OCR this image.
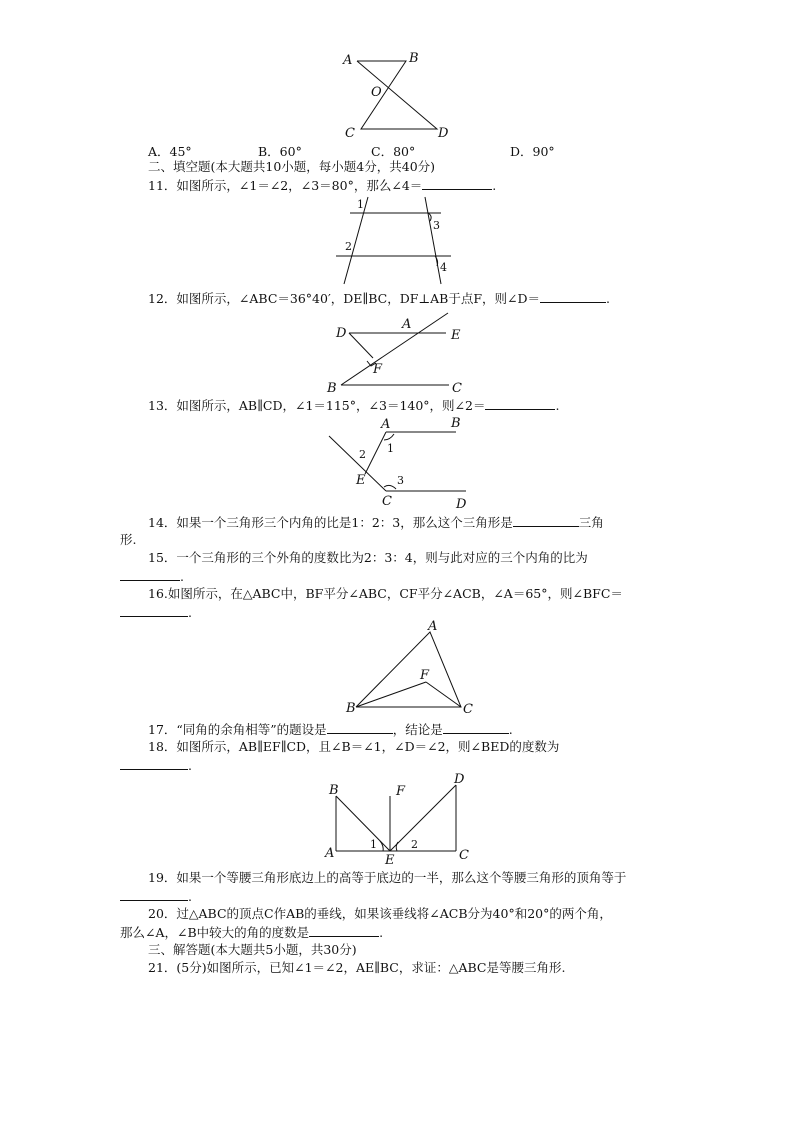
A	B
O
C	D
1
2
3
4
D
A
E
F
B	C
A	B
1
2
E
C
3
D
A
F
B	C
B	F
D
A
1
E
2
C
A．45°	B．60°	C．80°	D．90°
二、填空题(本大题共10小题，每小题4分，共40分)
11．如图所示，∠1＝∠2，∠3＝80°，那么∠4＝	.
12．如图所示，∠ABC＝36°40′，DE∥BC，DF⊥AB于点F，则∠D＝	.
13．如图所示，AB∥CD，∠1＝115°，∠3＝140°，则∠2＝	.
14．如果一个三角形三个内角的比是1：2：3，那么这个三角形是	三角
形.
15．一个三角形的三个外角的度数比为2：3：4，则与此对应的三个内角的比为
.
16.如图所示，在△ABC中，BF平分∠ABC，CF平分∠ACB，∠A＝65°，则∠BFC＝
.
17．“同角的余角相等”的题设是	，结论是	.
18．如图所示，AB∥EF∥CD，且∠B＝∠1，∠D＝∠2，则∠BED的度数为
.
19．如果一个等腰三角形底边上的高等于底边的一半，那么这个等腰三角形的顶角等于
.
20．过△ABC的顶点C作AB的垂线，如果该垂线将∠ACB分为40°和20°的两个角，
那么∠A，∠B中较大的角的度数是	.
三、解答题(本大题共5小题，共30分)
21．(5分)如图所示，已知∠1＝∠2，AE∥BC，求证：△ABC是等腰三角形.
